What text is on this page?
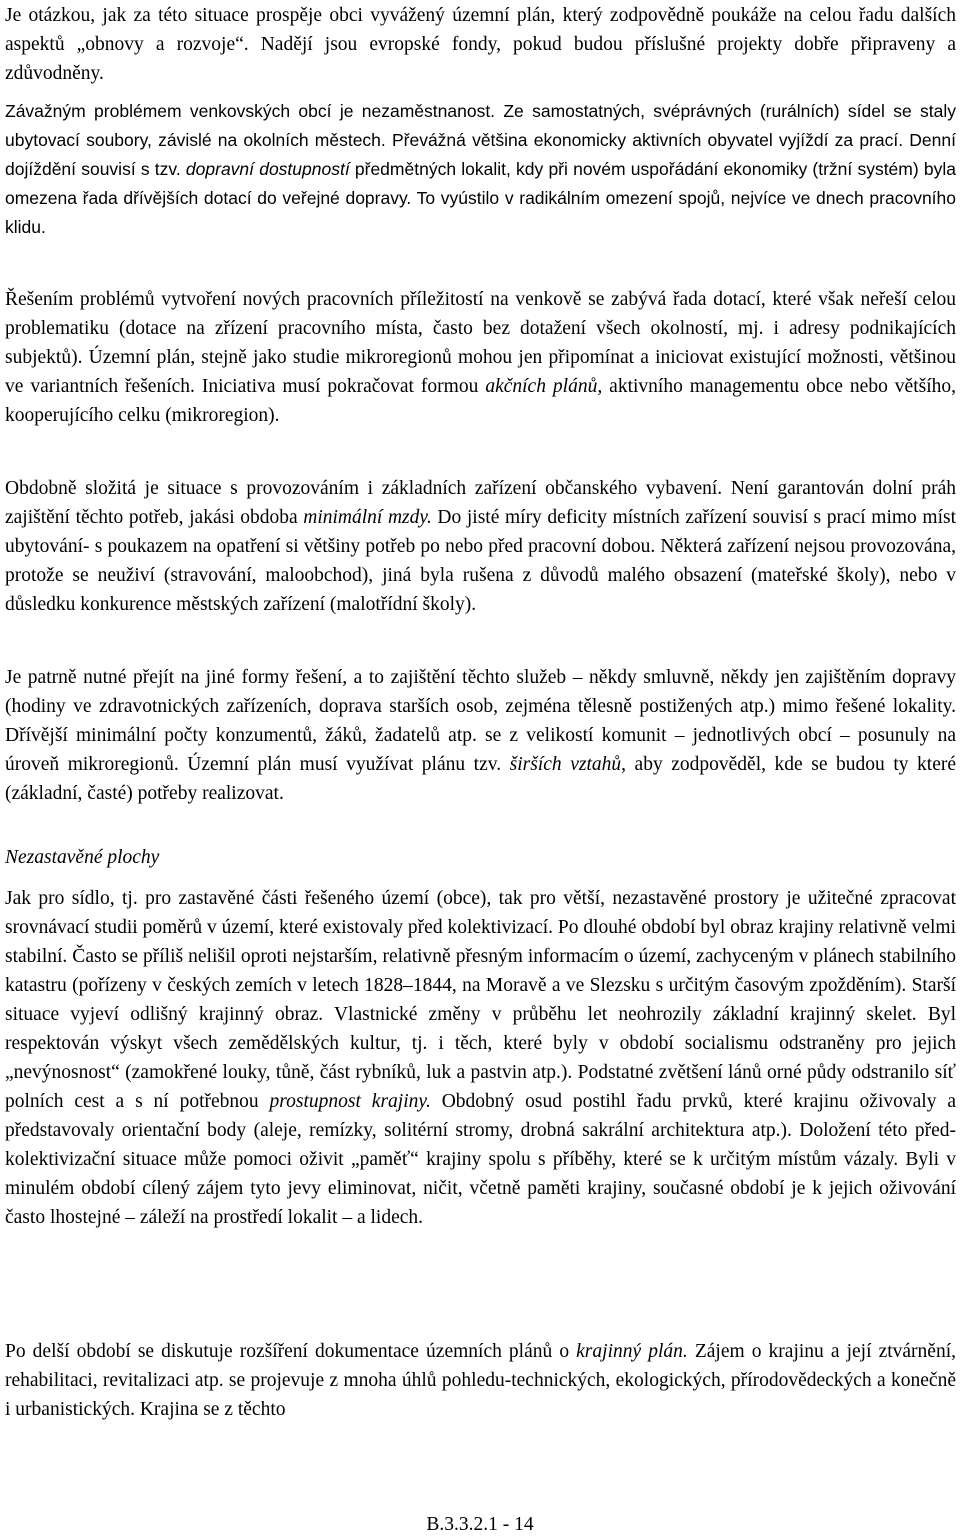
Je otázkou, jak za této situace prospěje obci vyvážený územní plán, který zodpovědně poukáže na celou řadu dalších aspektů „obnovy a rozvoje“. Nadějí jsou evropské fondy, pokud budou příslušné projekty dobře připraveny a zdůvodněny.

Závažným problémem venkovských obcí je nezaměstnanost. Ze samostatných, svéprávných (rurálních) sídel se staly ubytovací soubory, závislé na okolních městech. Převážná většina ekonomicky aktivních obyvatel vyjíždí za prací. Denní dojíždění souvisí s tzv. dopravní dostupností předmětných lokalit, kdy při novém uspořádání ekonomiky (tržní systém) byla omezena řada dřívějších dotací do veřejné dopravy. To vyústilo v radikálním omezení spojů, nejvíce ve dnech pracovního klidu.

Řešením problémů vytvoření nových pracovních příležitostí na venkově se zabývá řada dotací, které však neřeší celou problematiku (dotace na zřízení pracovního místa, často bez dotažení všech okolností, mj. i adresy podnikajících subjektů). Územní plán, stejně jako studie mikroregionů mohou jen připomínat a iniciovat existující možnosti, většinou ve variantních řešeních. Iniciativa musí pokračovat formou akčních plánů, aktivního managementu obce nebo většího, kooperujícího celku (mikroregion).

Obdobně složitá je situace s provozováním i základních zařízení občanského vybavení. Není garantován dolní práh zajištění těchto potřeb, jakási obdoba minimální mzdy. Do jisté míry deficity místních zařízení souvisí s prací mimo míst ubytování- s poukazem na opatření si většiny potřeb po nebo před pracovní dobou. Některá zařízení nejsou provozována, protože se neuživí (stravování, maloobchod), jiná byla rušena z důvodů malého obsazení (mateřské školy), nebo v důsledku konkurence městských zařízení (malotřídní školy).

Je patrně nutné přejít na jiné formy řešení, a to zajištění těchto služeb – někdy smluvně, někdy jen zajištěním dopravy (hodiny ve zdravotnických zařízeních, doprava starších osob, zejména tělesně postižených atp.) mimo řešené lokality. Dřívější minimální počty konzumentů, žáků, žadatelů atp. se z velikostí komunit – jednotlivých obcí – posunuly na úroveň mikroregionů. Územní plán musí využívat plánu tzv. širších vztahů, aby zodpověděl, kde se budou ty které (základní, časté) potřeby realizovat.

Nezastavěné plochy

Jak pro sídlo, tj. pro zastavěné části řešeného území (obce), tak pro větší, nezastavěné prostory je užitečné zpracovat srovnávací studii poměrů v území, které existovaly před kolektivizací. Po dlouhé období byl obraz krajiny relativně velmi stabilní. Často se příliš nelišil oproti nejstarším, relativně přesným informacím o území, zachyceným v plánech stabilního katastru (pořízeny v českých zemích v letech 1828–1844, na Moravě a ve Slezsku s určitým časovým zpožděním). Starší situace vyjeví odlišný krajinný obraz. Vlastnické změny v průběhu let neohrozily základní krajinný skelet. Byl respektován výskyt všech zemědělských kultur, tj. i těch, které byly v období socialismu odstraněny pro jejich „nevýnosnost“ (zamokřené louky, tůně, část rybníků, luk a pastvin atp.). Podstatné zvětšení lánů orné půdy odstranilo síť polních cest a s ní potřebnou prostupnost krajiny. Obdobný osud postihl řadu prvků, které krajinu oživovaly a představovaly orientační body (aleje, remízky, solitérní stromy, drobná sakrální architektura atp.). Doložení této před-kolektivizační situace může pomoci oživit „paměť“ krajiny spolu s příběhy, které se k určitým místům vázaly. Byli v minulém období cílený zájem tyto jevy eliminovat, ničit, včetně paměti krajiny, současné období je k jejich oživování často lhostejné – záleží na prostředí lokalit – a lidech.

Po delší období se diskutuje rozšíření dokumentace územních plánů o krajinný plán. Zájem o krajinu a její ztvárnění, rehabilitaci, revitalizaci atp. se projevuje z mnoha úhlů pohledu-technických, ekologických, přírodovědeckých a konečně i urbanistických. Krajina se z těchto

B.3.3.2.1 - 14
